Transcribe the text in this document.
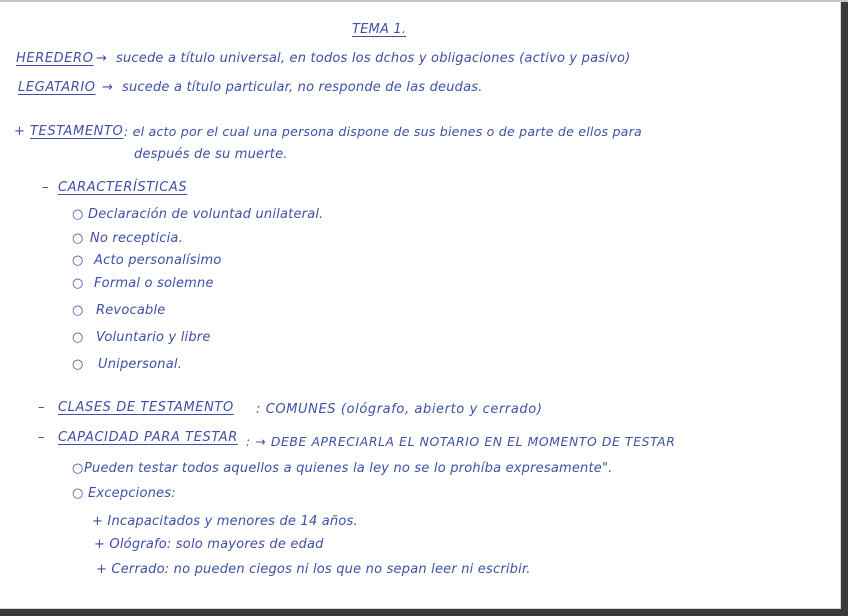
TEMA 1.
HEREDERO → sucede a título universal, en todos los dchos y obligaciones (activo y pasivo)
LEGATARIO → sucede a título particular, no responde de las deudas.
+ TESTAMENTO : el acto por el cual una persona dispone de sus bienes o de parte de ellos para
después de su muerte.
– CARACTERÍSTICAS
○ Declaración de voluntad unilateral.
○ No recepticia.
○ Acto personalísimo
○ Formal o solemne
○ Revocable
○ Voluntario y libre
○ Unipersonal.
– CLASES DE TESTAMENTO : COMUNES (ológrafo, abierto y cerrado)
– CAPACIDAD PARA TESTAR : → DEBE APRECIARLA EL NOTARIO EN EL MOMENTO DE TESTAR
○ Pueden testar todos aquellos a quienes la ley no se lo prohíba expresamente".
○ Excepciones:
+ Incapacitados y menores de 14 años.
+ Ológrafo: solo mayores de edad
+ Cerrado: no pueden ciegos ni los que no sepan leer ni escribir.
